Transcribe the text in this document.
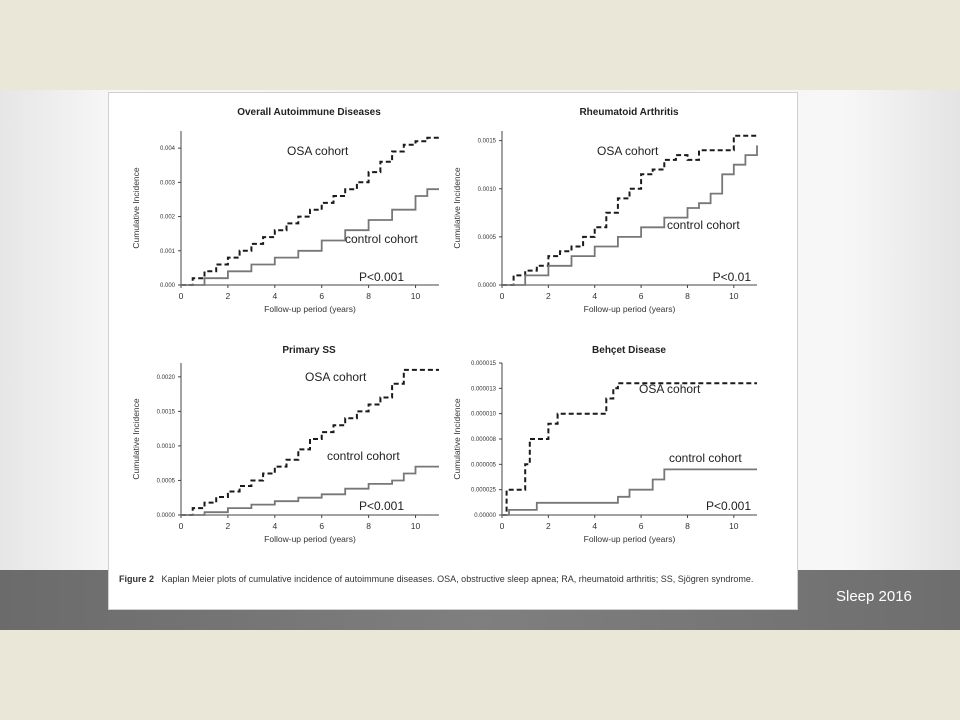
Overall Autoimmune Diseases
0	2	4	6	8	10
0.000
0.001
0.002
0.003
0.004
Follow-up period (years)
Cumulative Incidence
OSA cohort
control cohort
P<0.001
Rheumatoid Arthritis
0	2	4	6	8	10
0.0000
0.0005
0.0010
0.0015
Follow-up period (years)
Cumulative Incidence
OSA cohort
control cohort
P<0.01
Primary SS
0	2	4	6	8	10
0.0000
0.0005
0.0010
0.0015
0.0020
Follow-up period (years)
Cumulative Incidence
OSA cohort
control cohort
P<0.001
Behçet Disease
0	2	4	6	8	10
0.00000
0.000025
0.000005
0.000008
0.000010
0.000013
0.000015
Follow-up period (years)
Cumulative Incidence
OSA cohort
control cohort
P<0.001
Figure 2 Kaplan Meier plots of cumulative incidence of autoimmune diseases. OSA, obstructive sleep apnea; RA, rheumatoid arthritis; SS, Sjögren syndrome.
Sleep 2016
